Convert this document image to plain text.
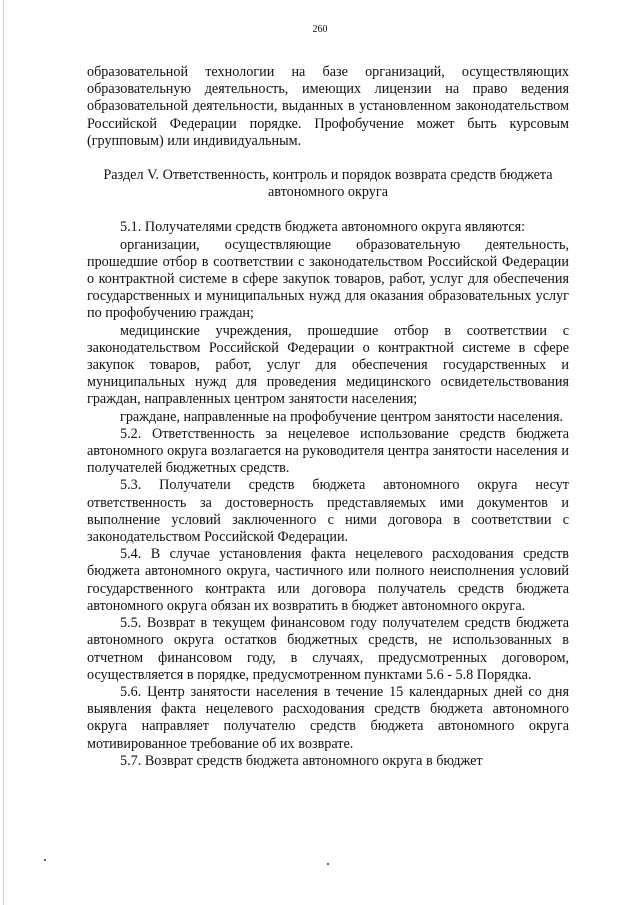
260

образовательной технологии на базе организаций, осуществляющих образовательную деятельность, имеющих лицензии на право ведения образовательной деятельности, выданных в установленном законодательством Российской Федерации порядке. Профобучение может быть курсовым (групповым) или индивидуальным.

Раздел V. Ответственность, контроль и порядок возврата средств бюджета
автономного округа

5.1. Получателями средств бюджета автономного округа являются:

организации, осуществляющие образовательную деятельность, прошедшие отбор в соответствии с законодательством Российской Федерации о контрактной системе в сфере закупок товаров, работ, услуг для обеспечения государственных и муниципальных нужд для оказания образовательных услуг по профобучению граждан;

медицинские учреждения, прошедшие отбор в соответствии с законодательством Российской Федерации о контрактной системе в сфере закупок товаров, работ, услуг для обеспечения государственных и муниципальных нужд для проведения медицинского освидетельствования граждан, направленных центром занятости населения;

граждане, направленные на профобучение центром занятости населения.

5.2. Ответственность за нецелевое использование средств бюджета автономного округа возлагается на руководителя центра занятости населения и получателей бюджетных средств.

5.3. Получатели средств бюджета автономного округа несут ответственность за достоверность представляемых ими документов и выполнение условий заключенного с ними договора в соответствии с законодательством Российской Федерации.

5.4. В случае установления факта нецелевого расходования средств бюджета автономного округа, частичного или полного неисполнения условий государственного контракта или договора получатель средств бюджета автономного округа обязан их возвратить в бюджет автономного округа.

5.5. Возврат в текущем финансовом году получателем средств бюджета автономного округа остатков бюджетных средств, не использованных в отчетном финансовом году, в случаях, предусмотренных договором, осуществляется в порядке, предусмотренном пунктами 5.6 - 5.8 Порядка.

5.6. Центр занятости населения в течение 15 календарных дней со дня выявления факта нецелевого расходования средств бюджета автономного округа направляет получателю средств бюджета автономного округа мотивированное требование об их возврате.

5.7. Возврат средств бюджета автономного округа в бюджет
